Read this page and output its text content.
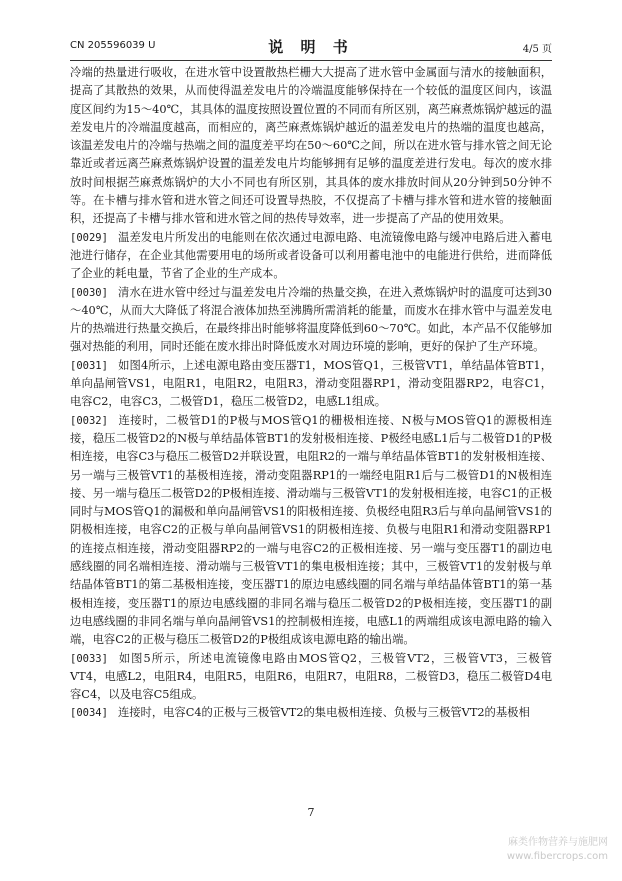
CN 205596039 U	说 明 书	4/5 页

冷端的热量进行吸收，在进水管中设置散热栏栅大大提高了进水管中金属面与清水的接触面积，提高了其散热的效果，从而使得温差发电片的冷端温度能够保持在一个较低的温度区间内，该温度区间约为15～40℃，其具体的温度按照设置位置的不同而有所区别，离苎麻煮炼锅炉越远的温差发电片的冷端温度越高，而相应的，离苎麻煮炼锅炉越近的温差发电片的热端的温度也越高，该温差发电片的冷端与热端之间的温度差平均在50～60℃之间，所以在进水管与排水管之间无论靠近或者远离苎麻煮炼锅炉设置的温差发电片均能够拥有足够的温度差进行发电。每次的废水排放时间根据苎麻煮炼锅炉的大小不同也有所区别，其具体的废水排放时间从20分钟到50分钟不等。在卡槽与排水管和进水管之间还可设置导热胶，不仅提高了卡槽与排水管和进水管的接触面积，还提高了卡槽与排水管和进水管之间的热传导效率，进一步提高了产品的使用效果。

[0029] 温差发电片所发出的电能则在依次通过电源电路、电流镜像电路与缓冲电路后进入蓄电池进行储存，在企业其他需要用电的场所或者设备可以利用蓄电池中的电能进行供给，进而降低了企业的耗电量，节省了企业的生产成本。

[0030] 清水在进水管中经过与温差发电片冷端的热量交换，在进入煮炼锅炉时的温度可达到30～40℃，从而大大降低了将混合液体加热至沸腾所需消耗的能量，而废水在排水管中与温差发电片的热端进行热量交换后，在最终排出时能够将温度降低到60～70℃。如此，本产品不仅能够加强对热能的利用，同时还能在废水排出时降低废水对周边环境的影响，更好的保护了生产环境。

[0031] 如图4所示，上述电源电路由变压器T1，MOS管Q1，三极管VT1，单结晶体管BT1，单向晶闸管VS1，电阻R1，电阻R2，电阻R3，滑动变阻器RP1，滑动变阻器RP2，电容C1，电容C2，电容C3，二极管D1，稳压二极管D2，电感L1组成。

[0032] 连接时，二极管D1的P极与MOS管Q1的栅极相连接、N极与MOS管Q1的源极相连接，稳压二极管D2的N极与单结晶体管BT1的发射极相连接、P极经电感L1后与二极管D1的P极相连接，电容C3与稳压二极管D2并联设置，电阻R2的一端与单结晶体管BT1的发射极相连接、另一端与三极管VT1的基极相连接，滑动变阻器RP1的一端经电阻R1后与二极管D1的N极相连接、另一端与稳压二极管D2的P极相连接、滑动端与三极管VT1的发射极相连接，电容C1的正极同时与MOS管Q1的漏极和单向晶闸管VS1的阳极相连接、负极经电阻R3后与单向晶闸管VS1的阴极相连接，电容C2的正极与单向晶闸管VS1的阴极相连接、负极与电阻R1和滑动变阻器RP1的连接点相连接，滑动变阻器RP2的一端与电容C2的正极相连接、另一端与变压器T1的副边电感线圈的同名端相连接、滑动端与三极管VT1的集电极相连接；其中，三极管VT1的发射极与单结晶体管BT1的第二基极相连接，变压器T1的原边电感线圈的同名端与单结晶体管BT1的第一基极相连接，变压器T1的原边电感线圈的非同名端与稳压二极管D2的P极相连接，变压器T1的副边电感线圈的非同名端与单向晶闸管VS1的控制极相连接，电感L1的两端组成该电源电路的输入端，电容C2的正极与稳压二极管D2的P极组成该电源电路的输出端。

[0033] 如图5所示，所述电流镜像电路由MOS管Q2，三极管VT2，三极管VT3，三极管VT4，电感L2，电阻R4，电阻R5，电阻R6，电阻R7，电阻R8，二极管D3，稳压二极管D4电容C4，以及电容C5组成。

[0034] 连接时，电容C4的正极与三极管VT2的集电极相连接、负极与三极管VT2的基极相

7
麻类作物营养与施肥网
www.fibercrops.com
